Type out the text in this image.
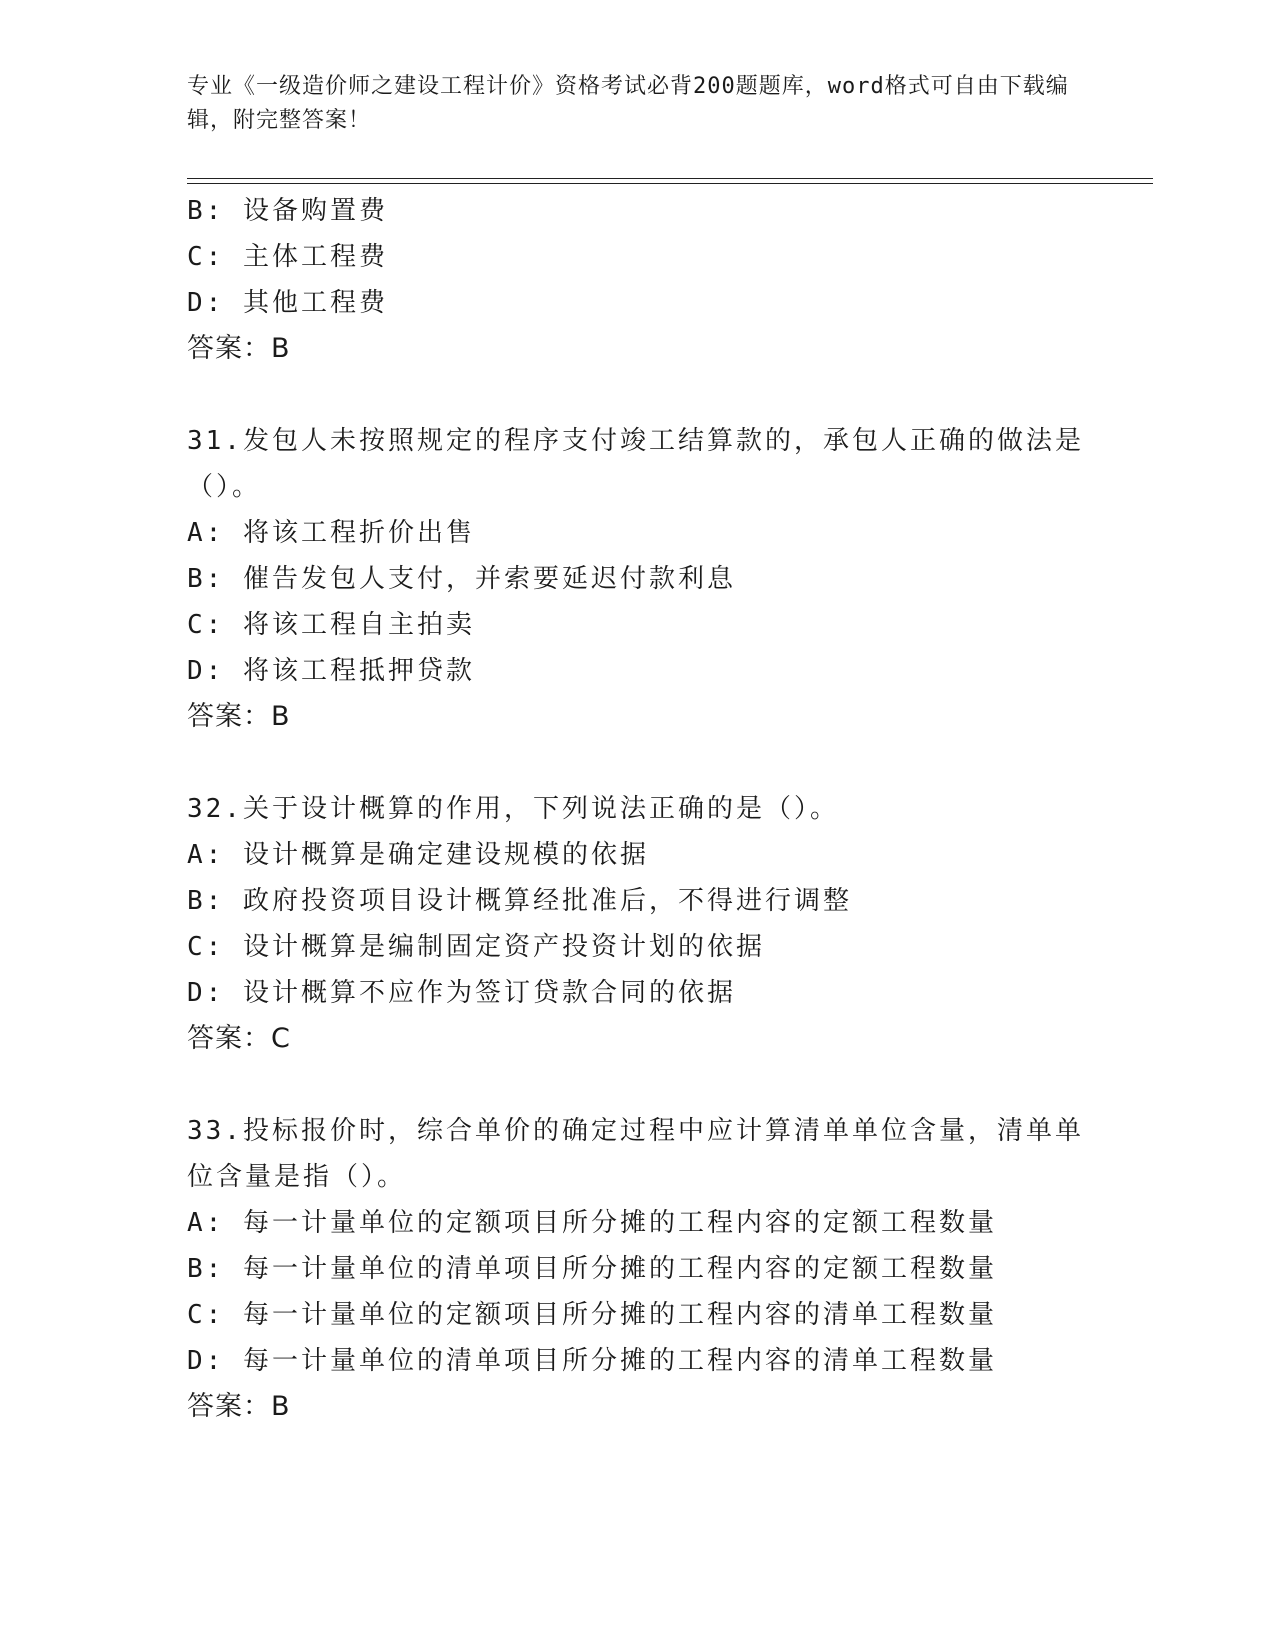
专业《一级造价师之建设工程计价》资格考试必背200题题库，word格式可自由下载编辑，附完整答案！
B: 设备购置费
C: 主体工程费
D: 其他工程费
答案：B
31.发包人未按照规定的程序支付竣工结算款的，承包人正确的做法是（）。
A: 将该工程折价出售
B: 催告发包人支付，并索要延迟付款利息
C: 将该工程自主拍卖
D: 将该工程抵押贷款
答案：B
32.关于设计概算的作用，下列说法正确的是（）。
A: 设计概算是确定建设规模的依据
B: 政府投资项目设计概算经批准后，不得进行调整
C: 设计概算是编制固定资产投资计划的依据
D: 设计概算不应作为签订贷款合同的依据
答案：C
33.投标报价时，综合单价的确定过程中应计算清单单位含量，清单单位含量是指（）。
A: 每一计量单位的定额项目所分摊的工程内容的定额工程数量
B: 每一计量单位的清单项目所分摊的工程内容的定额工程数量
C: 每一计量单位的定额项目所分摊的工程内容的清单工程数量
D: 每一计量单位的清单项目所分摊的工程内容的清单工程数量
答案：B
